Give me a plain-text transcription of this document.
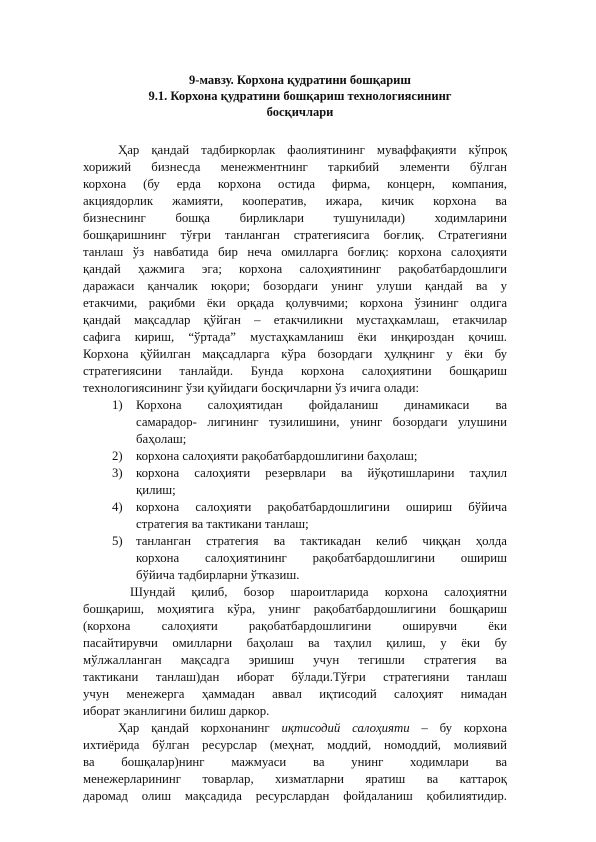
9-мавзу. Корхона қудратини бошқариш
9.1. Корхона қудратини бошқариш технологиясининг
босқичлари
Ҳар қандай тадбиркорлак фаолиятининг муваффақияти кўпроқ
хорижий бизнесда менежментнинг таркибий элементи бўлган
корхона (бу ерда корхона остида фирма, концерн, компания,
акциядорлик жамияти, кооператив, ижара, кичик корхона ва
бизнеснинг бошқа бирликлари тушунилади) ходимларини
бошқаришнинг тўғри танланган стратегиясига боғлиқ. Стратегияни
танлаш ўз навбатида бир неча омилларга боғлиқ: корхона салоҳияти
қандай ҳажмига эга; корхона салоҳиятининг рақобатбардошлиги
даражаси қанчалик юқори; бозордаги унинг улуши қандай ва у
етакчими, рақибми ёки орқада қолувчими; корхона ўзининг олдига
қандай мақсадлар қўйган – етакчиликни мустаҳкамлаш, етакчилар
сафига кириш, “ўртада” мустаҳкамланиш ёки инқироздан қочиш.
Корхона қўйилган мақсадларга кўра бозордаги ҳулқнинг у ёки бу
стратегиясини танлайди. Бунда корхона салоҳиятини бошқариш
технологиясининг ўзи қуйидаги босқичларни ўз ичига олади:
1)	Корхона салоҳиятидан фойдаланиш динамикаси ва
самарадор- лигининг тузилишини, унинг бозордаги улушини
баҳолаш;
2)	корхона салоҳияти рақобатбардошлигини баҳолаш;
3)	корхона салоҳияти резервлари ва йўқотишларини таҳлил
қилиш;
4)	корхона салоҳияти рақобатбардошлигини ошириш бўйича
стратегия ва тактикани танлаш;
5)	танланган стратегия ва тактикадан келиб чиққан ҳолда
корхона салоҳиятининг рақобатбардошлигини ошириш
бўйича тадбирларни ўтказиш.
Шундай қилиб, бозор шароитларида корхона салоҳиятни
бошқариш, моҳиятига кўра, унинг рақобатбардошлигини бошқариш
(корхона салоҳияти рақобатбардошлигини оширувчи ёки
пасайтирувчи омилларни баҳолаш ва таҳлил қилиш, у ёки бу
мўлжалланган мақсадга эришиш учун тегишли стратегия ва
тактикани танлаш)дан иборат бўлади.Тўғри стратегияни танлаш
учун менежерга ҳаммадан аввал иқтисодий салоҳият нимадан
иборат эканлигини билиш даркор.
Ҳар қандай корхонанинг иқтисодий салоҳияти – бу корхона
ихтиёрида бўлган ресурслар (меҳнат, моддий, номоддий, молиявий
ва бошқалар)нинг мажмуаси ва унинг ходимлари ва
менежерларининг товарлар, хизматларни яратиш ва каттароқ
даромад олиш мақсадида ресурслардан фойдаланиш қобилиятидир.
